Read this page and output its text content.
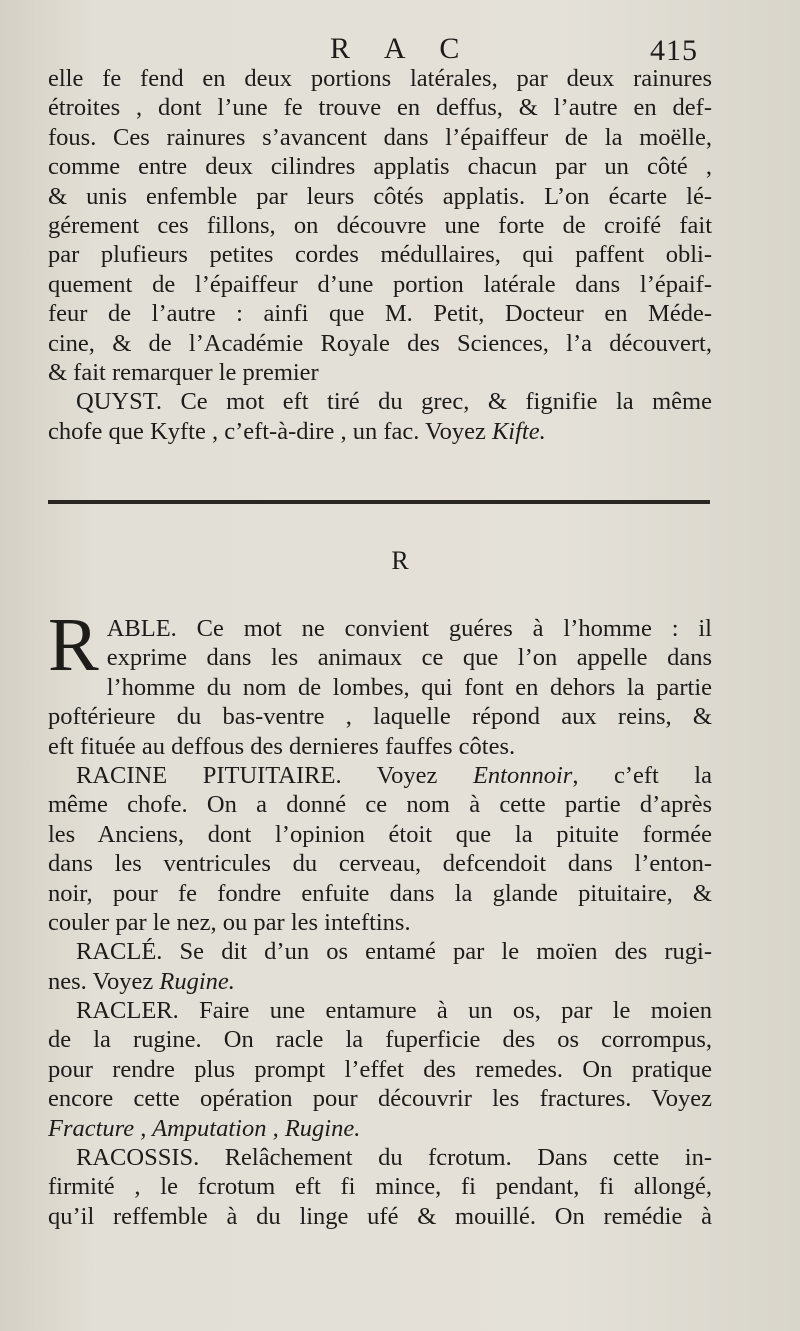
R A C	415
elle fe fend en deux portions latérales, par deux rainures
étroites , dont l’une fe trouve en deffus, & l’autre en def-
fous. Ces rainures s’avancent dans l’épaiffeur de la moëlle,
comme entre deux cilindres applatis chacun par un côté ,
& unis enfemble par leurs côtés applatis. L’on écarte lé-
gérement ces fillons, on découvre une forte de croifé fait
par plufieurs petites cordes médullaires, qui paffent obli-
quement de l’épaiffeur d’une portion latérale dans l’épaif-
feur de l’autre : ainfi que M. Petit, Docteur en Méde-
cine, & de l’Académie Royale des Sciences, l’a découvert,
& fait remarquer le premier
QUYST. Ce mot eft tiré du grec, & fignifie la même
chofe que Kyfte , c’eft-à-dire , un fac. Voyez Kifte.
R
R ABLE. Ce mot ne convient guéres à l’homme : il
exprime dans les animaux ce que l’on appelle dans
l’homme du nom de lombes, qui font en dehors la partie
poftérieure du bas-ventre , laquelle répond aux reins, &
eft fituée au deffous des dernieres fauffes côtes.
RACINE PITUITAIRE. Voyez Entonnoir, c’eft la
même chofe. On a donné ce nom à cette partie d’après
les Anciens, dont l’opinion étoit que la pituite formée
dans les ventricules du cerveau, defcendoit dans l’enton-
noir, pour fe fondre enfuite dans la glande pituitaire, &
couler par le nez, ou par les inteftins.
RACLÉ. Se dit d’un os entamé par le moïen des rugi-
nes. Voyez Rugine.
RACLER. Faire une entamure à un os, par le moien
de la rugine. On racle la fuperficie des os corrompus,
pour rendre plus prompt l’effet des remedes. On pratique
encore cette opération pour découvrir les fractures. Voyez
Fracture , Amputation , Rugine.
RACOSSIS. Relâchement du fcrotum. Dans cette in-
firmité , le fcrotum eft fi mince, fi pendant, fi allongé,
qu’il reffemble à du linge ufé & mouillé. On remédie à
